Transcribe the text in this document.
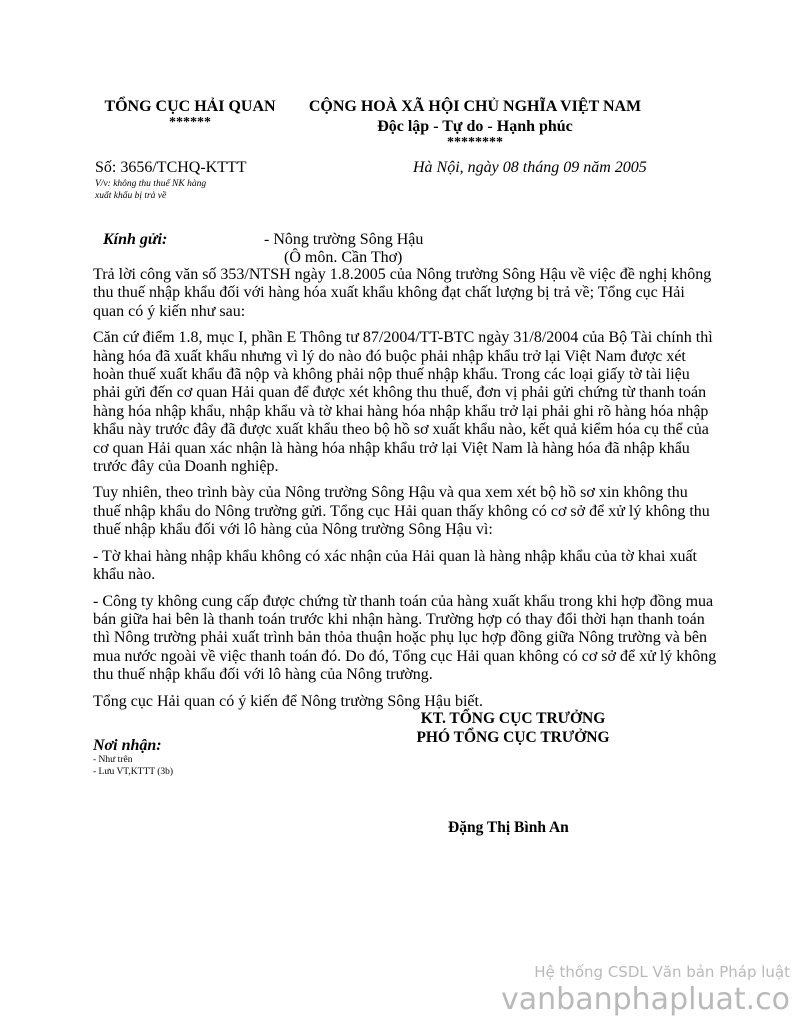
TỔNG CỤC HẢI QUAN
******
CỘNG HOÀ XÃ HỘI CHỦ NGHĨA VIỆT NAM
Độc lập - Tự do - Hạnh phúc
********
Số: 3656/TCHQ-KTTT
V/v: không thu thuế NK hàng
xuất khẩu bị trả về
Hà Nội, ngày 08 tháng 09 năm 2005
Kính gửi:	- Nông trường Sông Hậu
(Ô môn. Cần Thơ)

Trả lời công văn số 353/NTSH ngày 1.8.2005 của Nông trường Sông Hậu về việc đề nghị không thu thuế nhập khẩu đối với hàng hóa xuất khẩu không đạt chất lượng bị trả về; Tổng cục Hải quan có ý kiến như sau:

Căn cứ điểm 1.8, mục I, phần E Thông tư 87/2004/TT-BTC ngày 31/8/2004 của Bộ Tài chính thì hàng hóa đã xuất khẩu nhưng vì lý do nào đó buộc phải nhập khẩu trở lại Việt Nam được xét hoàn thuế xuất khẩu đã nộp và không phải nộp thuế nhập khẩu. Trong các loại giấy tờ tài liệu phải gửi đến cơ quan Hải quan để được xét không thu thuế, đơn vị phải gửi chứng từ thanh toán hàng hóa nhập khẩu, nhập khẩu và tờ khai hàng hóa nhập khẩu trở lại phải ghi rõ hàng hóa nhập khẩu này trước đây đã được xuất khẩu theo bộ hồ sơ xuất khẩu nào, kết quả kiểm hóa cụ thể của cơ quan Hải quan xác nhận là hàng hóa nhập khẩu trở lại Việt Nam là hàng hóa đã nhập khẩu trước đây của Doanh nghiệp.

Tuy nhiên, theo trình bày của Nông trường Sông Hậu và qua xem xét bộ hồ sơ xin không thu thuế nhập khẩu do Nông trường gửi. Tổng cục Hải quan thấy không có cơ sở để xử lý không thu thuế nhập khẩu đối với lô hàng của Nông trường Sông Hậu vì:

- Tờ khai hàng nhập khẩu không có xác nhận của Hải quan là hàng nhập khẩu của tờ khai xuất khẩu nào.

- Công ty không cung cấp được chứng từ thanh toán của hàng xuất khẩu trong khi hợp đồng mua bán giữa hai bên là thanh toán trước khi nhận hàng. Trường hợp có thay đổi thời hạn thanh toán thì Nông trường phải xuất trình bản thỏa thuận hoặc phụ lục hợp đồng giữa Nông trường và bên mua nước ngoài về việc thanh toán đó. Do đó, Tổng cục Hải quan không có cơ sở để xử lý không thu thuế nhập khẩu đối với lô hàng của Nông trường.

Tổng cục Hải quan có ý kiến để Nông trường Sông Hậu biết.

KT. TỔNG CỤC TRƯỞNG
PHÓ TỔNG CỤC TRƯỞNG
Nơi nhận:
- Như trên
- Lưu VT,KTTT (3b)
Đặng Thị Bình An
Hệ thống CSDL Văn bản Pháp luật
vanbanphapluat.co
